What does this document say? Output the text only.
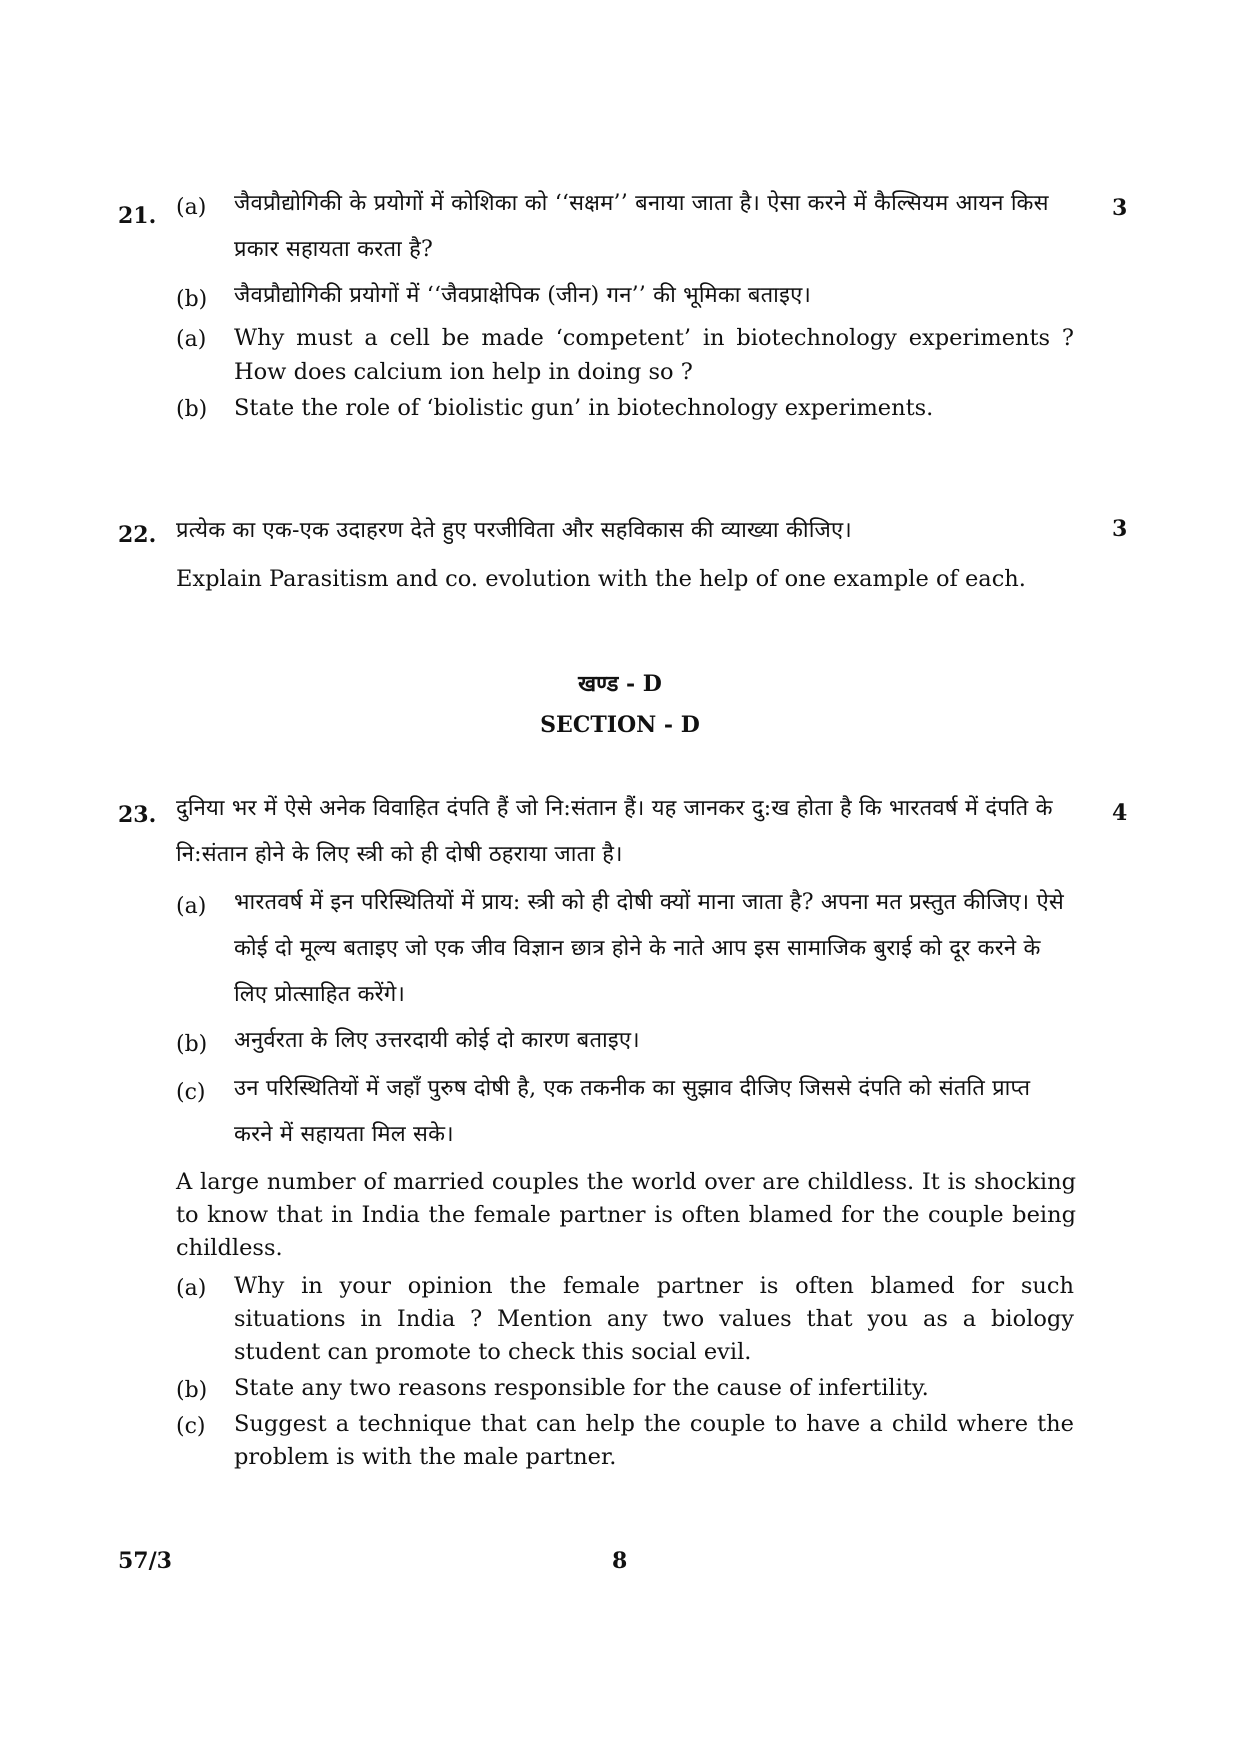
21.	3
(a) जैवप्रौद्योगिकी के प्रयोगों में कोशिका को ‘‘सक्षम’’ बनाया जाता है। ऐसा करने में कैल्सियम आयन किस प्रकार सहायता करता है?
(b) जैवप्रौद्योगिकी प्रयोगों में ‘‘जैवप्राक्षेपिक (जीन) गन’’ की भूमिका बताइए।
(a) Why must a cell be made ‘competent’ in biotechnology experiments ? How does calcium ion help in doing so ?
(b) State the role of ‘biolistic gun’ in biotechnology experiments.
22.	3
प्रत्येक का एक-एक उदाहरण देते हुए परजीविता और सहविकास की व्याख्या कीजिए।
Explain Parasitism and co. evolution with the help of one example of each.
खण्ड - D
SECTION - D
23.	4
दुनिया भर में ऐसे अनेक विवाहित दंपति हैं जो नि:संतान हैं। यह जानकर दु:ख होता है कि भारतवर्ष में दंपति के नि:संतान होने के लिए स्त्री को ही दोषी ठहराया जाता है।
(a) भारतवर्ष में इन परिस्थितियों में प्राय: स्त्री को ही दोषी क्यों माना जाता है? अपना मत प्रस्तुत कीजिए। ऐसे कोई दो मूल्य बताइए जो एक जीव विज्ञान छात्र होने के नाते आप इस सामाजिक बुराई को दूर करने के लिए प्रोत्साहित करेंगे।
(b) अनुर्वरता के लिए उत्तरदायी कोई दो कारण बताइए।
(c) उन परिस्थितियों में जहाँ पुरुष दोषी है, एक तकनीक का सुझाव दीजिए जिससे दंपति को संतति प्राप्त करने में सहायता मिल सके।
A large number of married couples the world over are childless. It is shocking to know that in India the female partner is often blamed for the couple being childless.
(a) Why in your opinion the female partner is often blamed for such situations in India ? Mention any two values that you as a biology student can promote to check this social evil.
(b) State any two reasons responsible for the cause of infertility.
(c) Suggest a technique that can help the couple to have a child where the problem is with the male partner.
57/3	8
